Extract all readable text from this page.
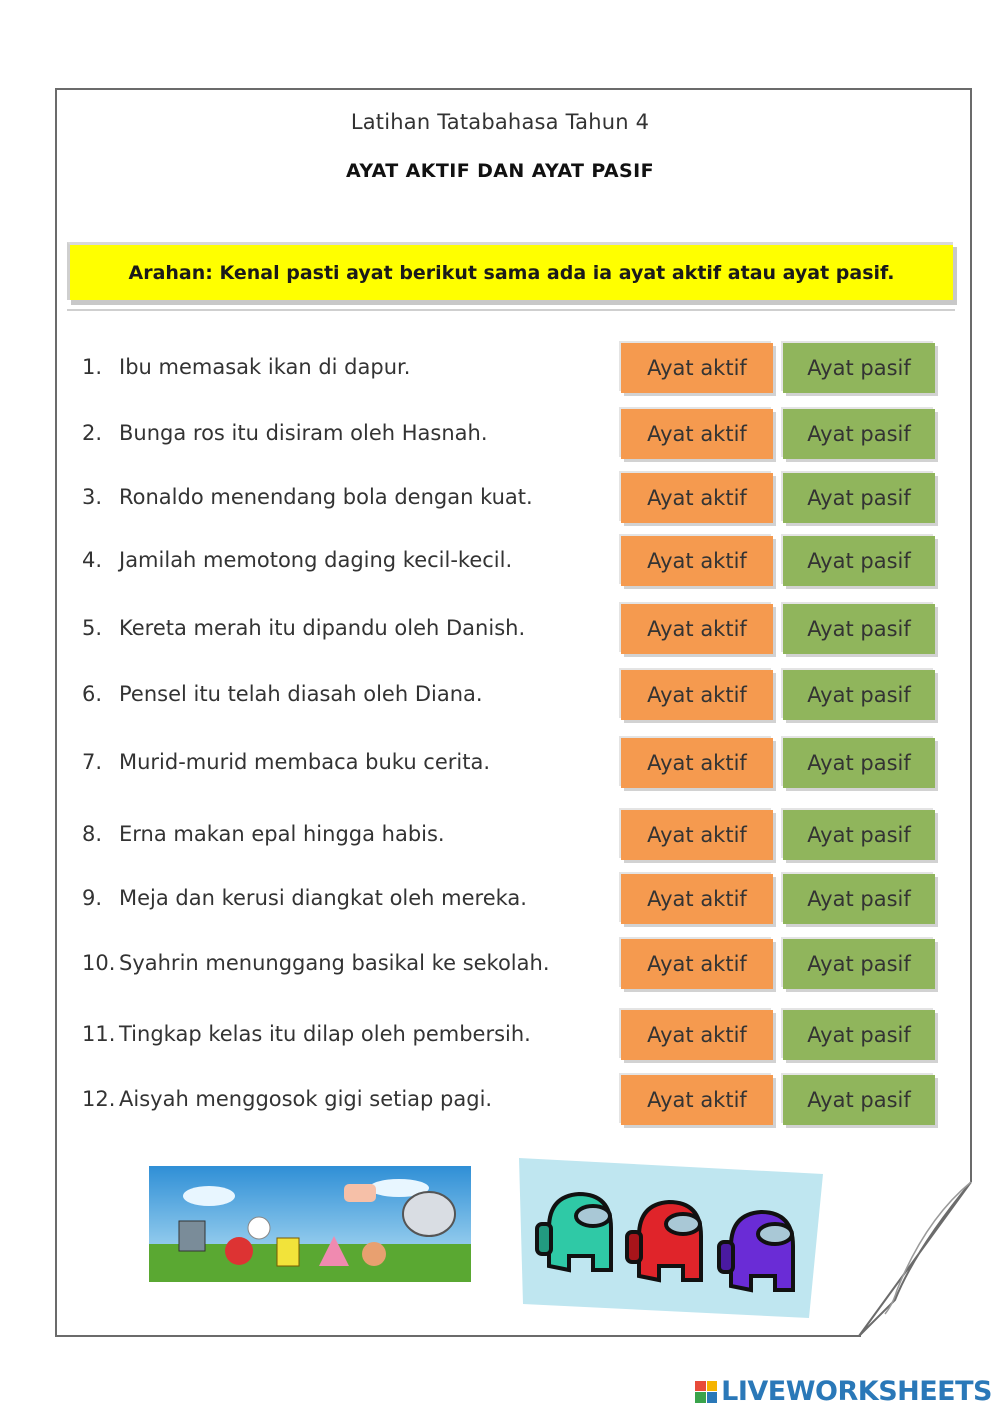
Latihan Tatabahasa Tahun 4
AYAT AKTIF DAN AYAT PASIF
Arahan: Kenal pasti ayat berikut sama ada ia ayat aktif atau ayat pasif.
1. Ibu memasak ikan di dapur.	Ayat aktif	Ayat pasif
2. Bunga ros itu disiram oleh Hasnah.	Ayat aktif	Ayat pasif
3. Ronaldo menendang bola dengan kuat.	Ayat aktif	Ayat pasif
4. Jamilah memotong daging kecil-kecil.	Ayat aktif	Ayat pasif
5. Kereta merah itu dipandu oleh Danish.	Ayat aktif	Ayat pasif
6. Pensel itu telah diasah oleh Diana.	Ayat aktif	Ayat pasif
7. Murid-murid membaca buku cerita.	Ayat aktif	Ayat pasif
8. Erna makan epal hingga habis.	Ayat aktif	Ayat pasif
9. Meja dan kerusi diangkat oleh mereka.	Ayat aktif	Ayat pasif
10. Syahrin menunggang basikal ke sekolah.	Ayat aktif	Ayat pasif
11. Tingkap kelas itu dilap oleh pembersih.	Ayat aktif	Ayat pasif
12. Aisyah menggosok gigi setiap pagi.	Ayat aktif	Ayat pasif
LIVEWORKSHEETS
